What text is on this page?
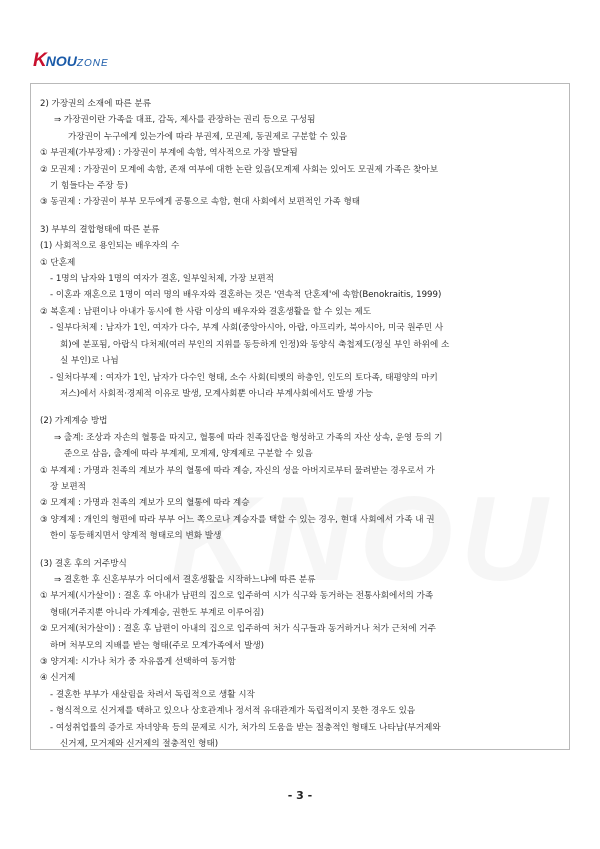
KNOUZONE
2) 가장권의 소재에 따른 분류
⇒ 가장권이란 가족을 대표, 감독, 제사를 관장하는 권리 등으로 구성됨
가장권이 누구에게 있는가에 따라 부권제, 모권제, 동권제로 구분할 수 있음
① 부권제(가부장제) : 가장권이 부계에 속함, 역사적으로 가장 발달됨
② 모권제 : 가장권이 모계에 속함, 존재 여부에 대한 논란 있음(모계제 사회는 있어도 모권제 가족은 찾아보
기 힘들다는 주장 등)
③ 동권제 : 가장권이 부부 모두에게 공통으로 속함, 현대 사회에서 보편적인 가족 형태
3) 부부의 결합형태에 따른 분류
(1) 사회적으로 용인되는 배우자의 수
① 단혼제
- 1명의 남자와 1명의 여자가 결혼, 일부일처제, 가장 보편적
- 이혼과 재혼으로 1명이 여러 명의 배우자와 결혼하는 것은 '연속적 단혼제'에 속함(Benokraitis, 1999)
② 복혼제 : 남편이나 아내가 동시에 한 사람 이상의 배우자와 결혼생활을 할 수 있는 제도
- 일부다처제 : 남자가 1인, 여자가 다수, 부계 사회(중앙아시아, 아랍, 아프리카, 북아시아, 미국 원주민 사
회)에 분포됨, 아랍식 다처제(여러 부인의 지위를 동등하게 인정)와 동양식 축첩제도(정실 부인 하위에 소
실 부인)로 나뉨
- 일처다부제 : 여자가 1인, 남자가 다수인 형태, 소수 사회(티벳의 하층인, 인도의 토다족, 태평양의 마키
저스)에서 사회적·경제적 이유로 발생, 모계사회뿐 아니라 부계사회에서도 발생 가능
(2) 가계계승 방법
⇒ 출계: 조상과 자손의 혈통을 따지고, 혈통에 따라 친족집단을 형성하고 가족의 자산 상속, 운영 등의 기
준으로 삼음, 출계에 따라 부계제, 모계제, 양계제로 구분할 수 있음
① 부계제 : 가명과 친족의 계보가 부의 혈통에 따라 계승, 자신의 성을 아버지로부터 물려받는 경우로서 가
장 보편적
② 모계제 : 가명과 친족의 계보가 모의 혈통에 따라 계승
③ 양계제 : 개인의 형편에 따라 부부 어느 쪽으로나 계승자를 택할 수 있는 경우, 현대 사회에서 가족 내 권
한이 동등해지면서 양계적 형태로의 변화 발생
(3) 결혼 후의 거주방식
⇒ 결혼한 후 신혼부부가 어디에서 결혼생활을 시작하느냐에 따른 분류
① 부거제(시가살이) : 결혼 후 아내가 남편의 집으로 입주하여 시가 식구와 동거하는 전통사회에서의 가족
형태(거주지뿐 아니라 가계계승, 권한도 부계로 이루어짐)
② 모거제(처가살이) : 결혼 후 남편이 아내의 집으로 입주하여 처가 식구들과 동거하거나 처가 근처에 거주
하며 처부모의 지배를 받는 형태(주로 모계가족에서 발생)
③ 양거제: 시가나 처가 중 자유롭게 선택하여 동거함
④ 신거제
- 결혼한 부부가 새살림을 차려서 독립적으로 생활 시작
- 형식적으로 신거제를 택하고 있으나 상호관계나 정서적 유대관계가 독립적이지 못한 경우도 있음
- 여성취업률의 증가로 자녀양육 등의 문제로 시가, 처가의 도움을 받는 절충적인 형태도 나타남(부거제와
신거제, 모거제와 신거제의 절충적인 형태)
- 3 -
